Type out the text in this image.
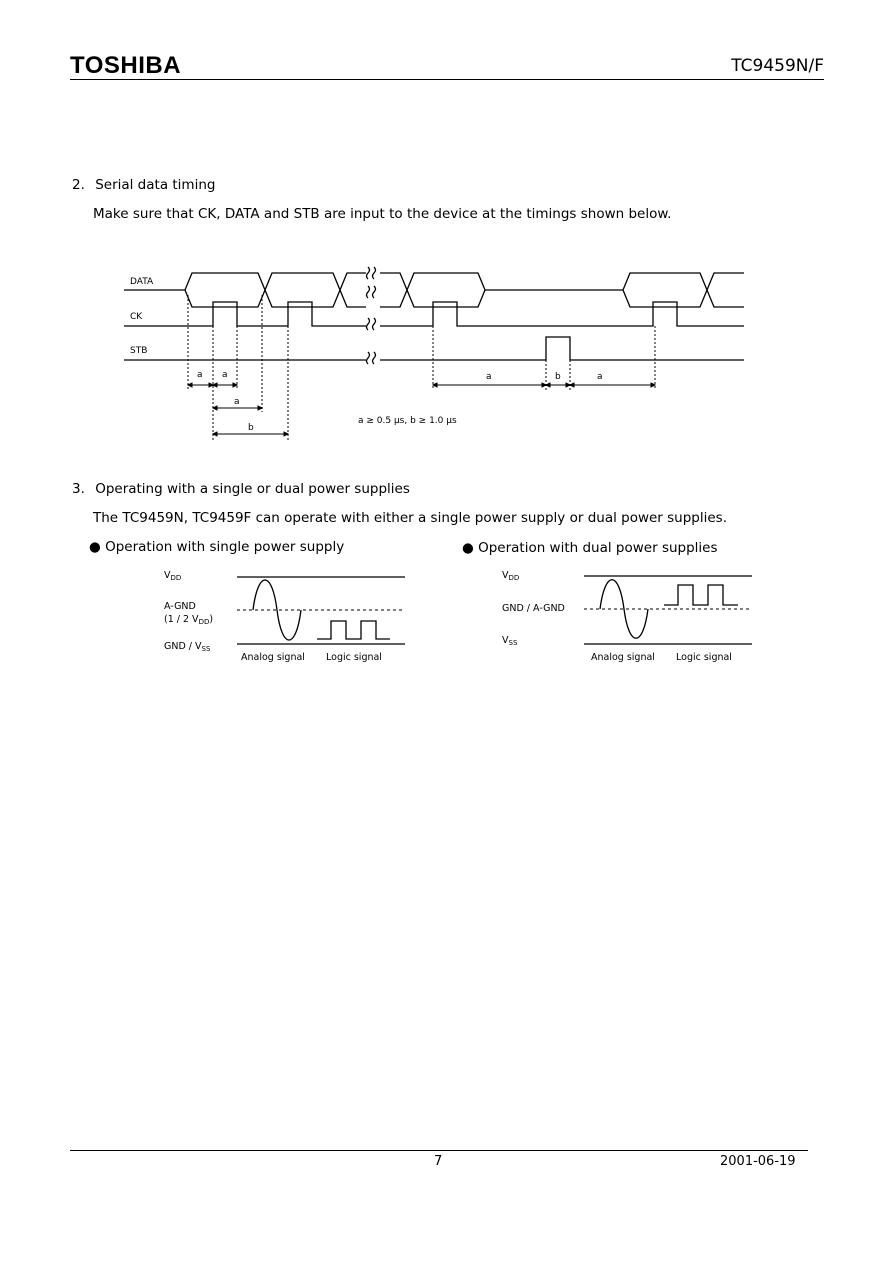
TOSHIBA	TC9459N/F
2. Serial data timing
Make sure that CK, DATA and STB are input to the device at the timings shown below.
DATA
CK
STB
a a
a
b
a	b	a
a ≥ 0.5 μs, b ≥ 1.0 μs
3. Operating with a single or dual power supplies
The TC9459N, TC9459F can operate with either a single power supply or dual power supplies.
● Operation with single power supply	● Operation with dual power supplies
$V_{DD}$
A-GND
(1 / 2 $V_{DD}$)
GND / $V_{SS}$
Analog signal Logic signal
$V_{DD}$
GND / A-GND
$V_{SS}$
Analog signal Logic signal
7	2001-06-19
